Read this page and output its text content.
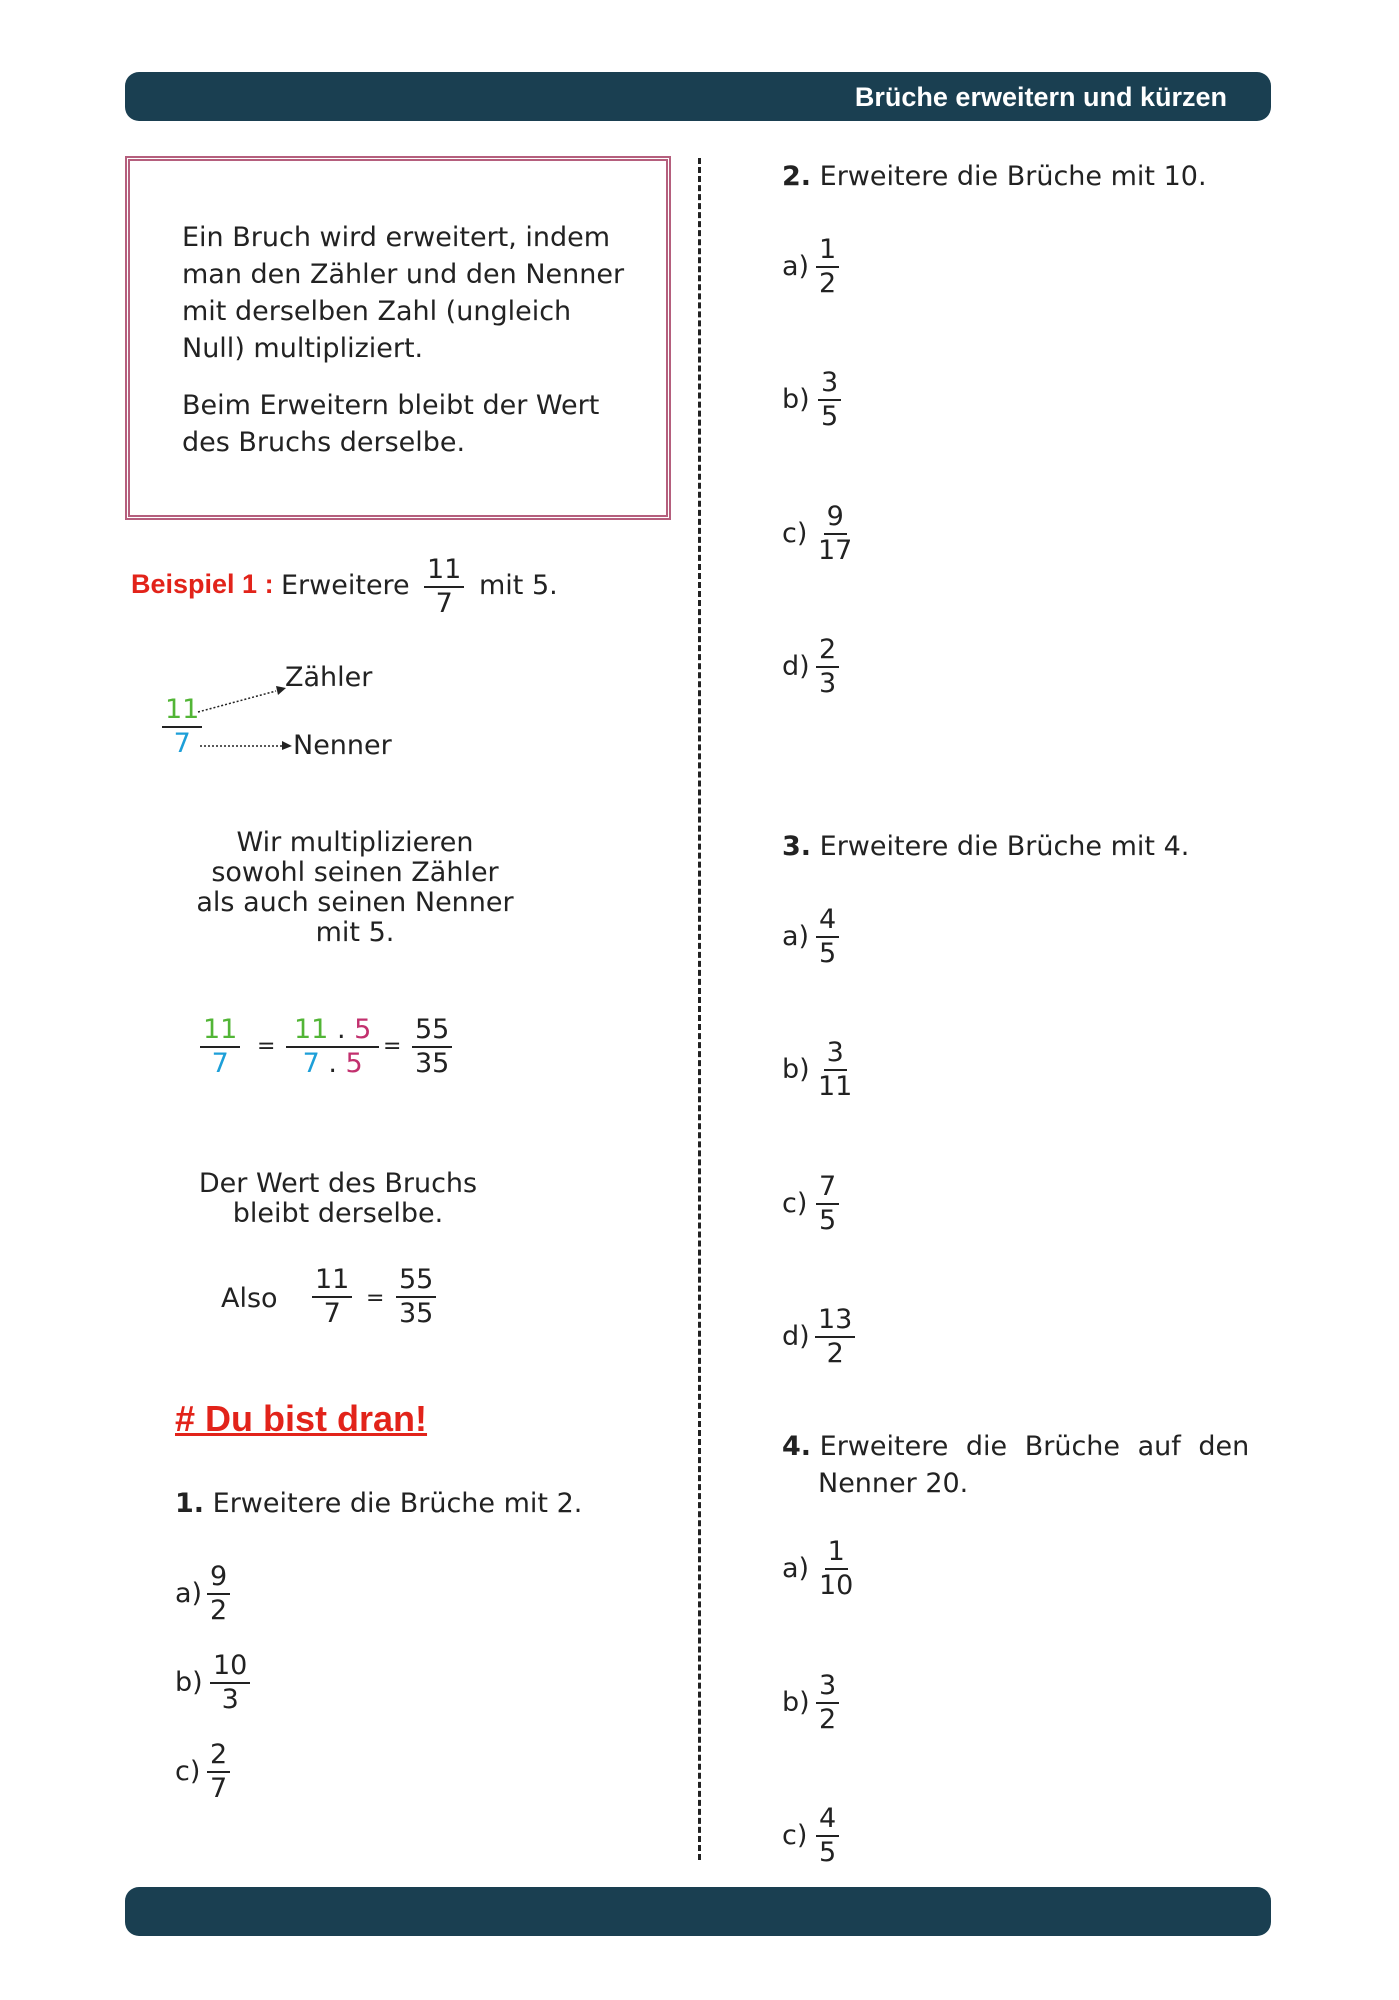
Brüche erweitern und kürzen

Ein Bruch wird erweitert, indem man den Zähler und den Nenner mit derselben Zahl (ungleich Null) multipliziert.

Beim Erweitern bleibt der Wert des Bruchs derselbe.

Beispiel 1 : Erweitere $\frac{11}{7}$ mit 5.
$\frac{11}{7}$
Zähler
Nenner
Wir multiplizieren
sowohl seinen Zähler
als auch seinen Nenner
mit 5.
$\frac{11}{7} = \frac{11 . 5}{7 . 5} = \frac{55}{35}$
Der Wert des Bruchs
bleibt derselbe.
Also $\frac{11}{7} = \frac{55}{35}$
# Du bist dran!
1. Erweitere die Brüche mit 2.
$a) \frac{9}{2}$
$b) \frac{10}{3}$
$c) \frac{2}{7}$
2. Erweitere die Brüche mit 10.
$a) \frac{1}{2}$
$b) \frac{3}{5}$
$c) \frac{9}{17}$
$d) \frac{2}{3}$
3. Erweitere die Brüche mit 4.
$a) \frac{4}{5}$
$b) \frac{3}{11}$
$c) \frac{7}{5}$
$d) \frac{13}{2}$
4. Erweitere die Brüche auf den
Nenner 20.
$a) \frac{1}{10}$
$b) \frac{3}{2}$
$c) \frac{4}{5}$
